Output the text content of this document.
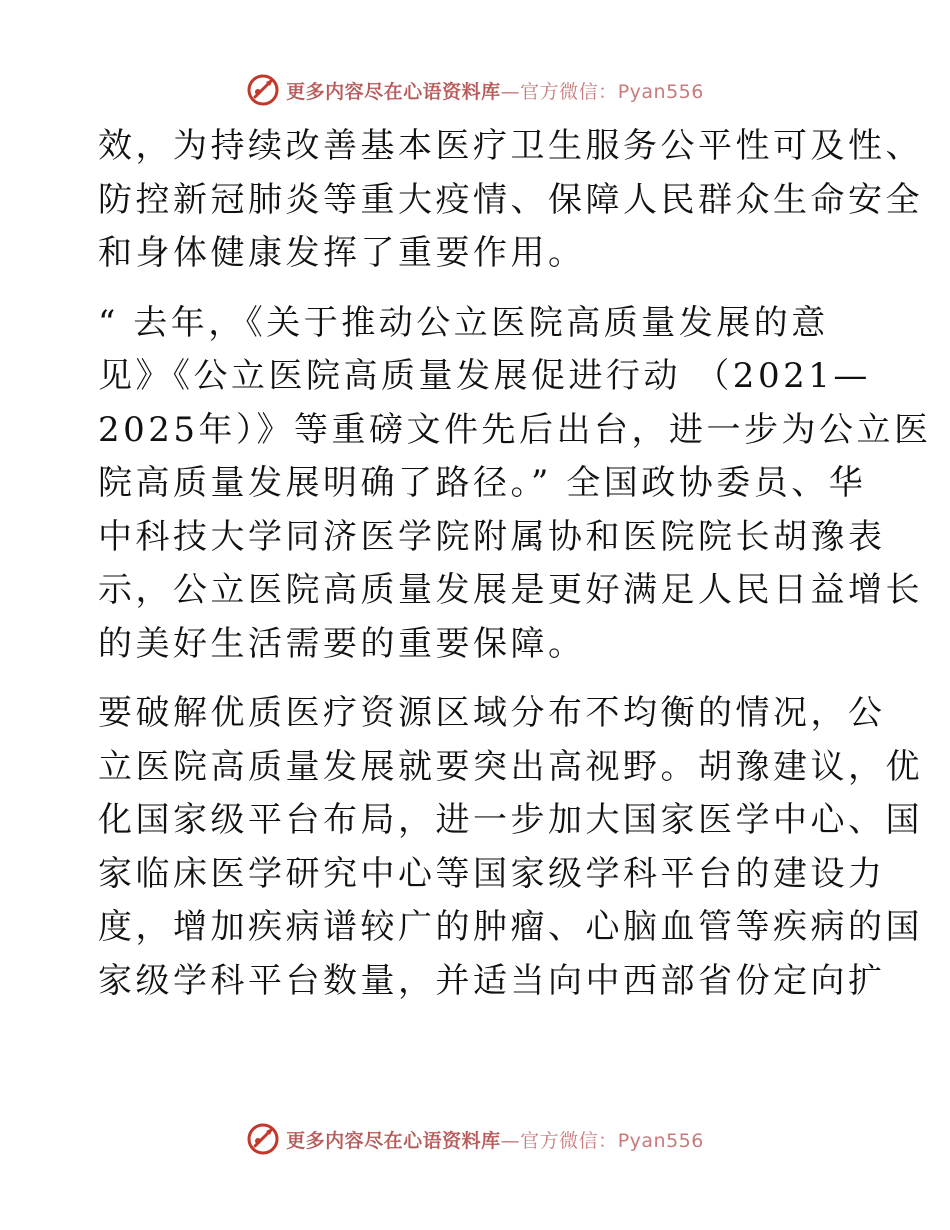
更多内容尽在心语资料库—官方微信：Pyan556

效，为持续改善基本医疗卫生服务公平性可及性、
防控新冠肺炎等重大疫情、保障人民群众生命安全
和身体健康发挥了重要作用。

“ 去年，《关于推动公立医院高质量发展的意
见》《公立医院高质量发展促进行动 （2021—
2025年）》等重磅文件先后出台，进一步为公立医
院高质量发展明确了路径。” 全国政协委员、华
中科技大学同济医学院附属协和医院院长胡豫表
示，公立医院高质量发展是更好满足人民日益增长
的美好生活需要的重要保障。

要破解优质医疗资源区域分布不均衡的情况，公
立医院高质量发展就要突出高视野。胡豫建议，优
化国家级平台布局，进一步加大国家医学中心、国
家临床医学研究中心等国家级学科平台的建设力
度，增加疾病谱较广的肿瘤、心脑血管等疾病的国
家级学科平台数量，并适当向中西部省份定向扩

更多内容尽在心语资料库—官方微信：Pyan556
